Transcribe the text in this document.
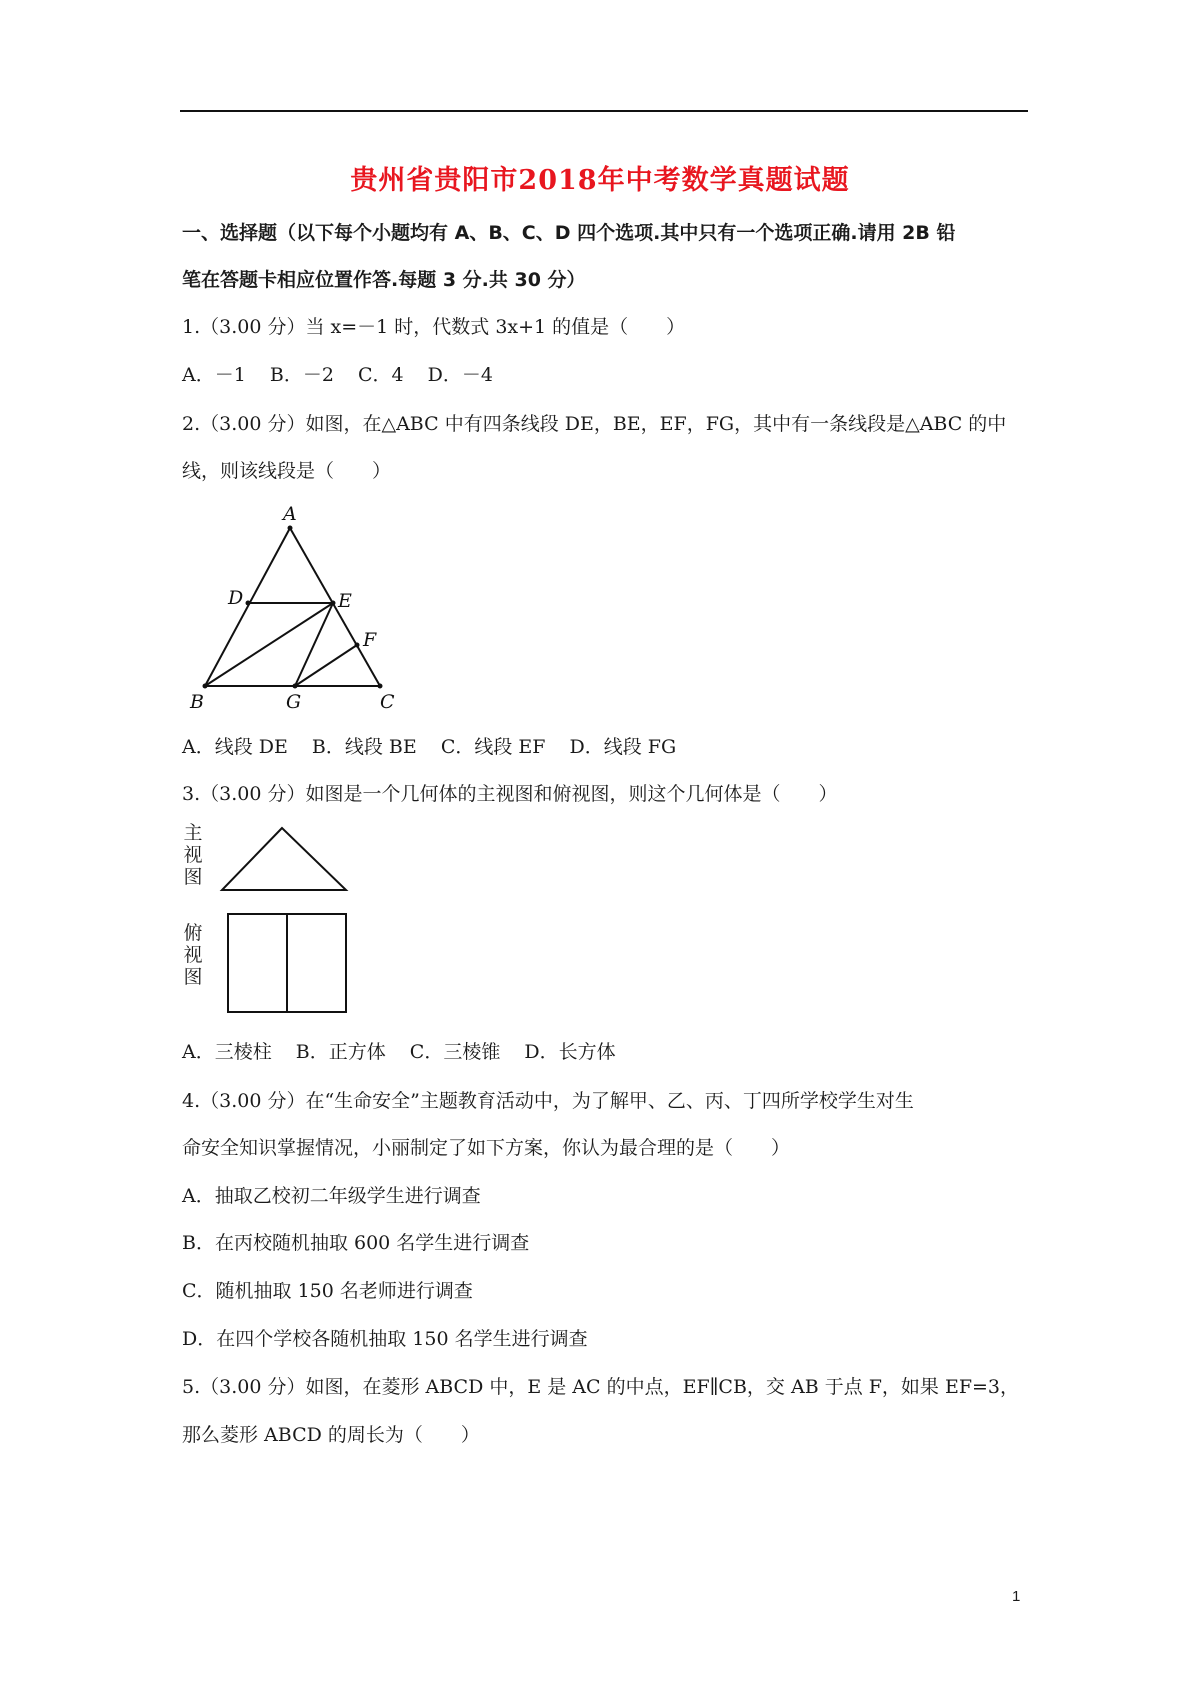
贵州省贵阳市2018年中考数学真题试题
一、选择题（以下每个小题均有 A、B、C、D 四个选项.其中只有一个选项正确.请用 2B 铅
笔在答题卡相应位置作答.每题 3 分.共 30 分）
1.（3.00 分）当 x=－1 时，代数式 3x+1 的值是（　　）
A．－1 B．－2 C．4 D．－4
2.（3.00 分）如图，在△ABC 中有四条线段 DE，BE，EF，FG，其中有一条线段是△ABC 的中
线，则该线段是（　　）
A
D	E
F
B	G	C
A．线段 DE B．线段 BE C．线段 EF D．线段 FG
3.（3.00 分）如图是一个几何体的主视图和俯视图，则这个几何体是（　　）
主
视
图
俯
视
图
A．三棱柱 B．正方体 C．三棱锥 D．长方体
4.（3.00 分）在“生命安全”主题教育活动中，为了解甲、乙、丙、丁四所学校学生对生
命安全知识掌握情况，小丽制定了如下方案，你认为最合理的是（　　）
A．抽取乙校初二年级学生进行调查
B．在丙校随机抽取 600 名学生进行调查
C．随机抽取 150 名老师进行调查
D．在四个学校各随机抽取 150 名学生进行调查
5.（3.00 分）如图，在菱形 ABCD 中，E 是 AC 的中点，EF∥CB，交 AB 于点 F，如果 EF=3，
那么菱形 ABCD 的周长为（　　）
1
